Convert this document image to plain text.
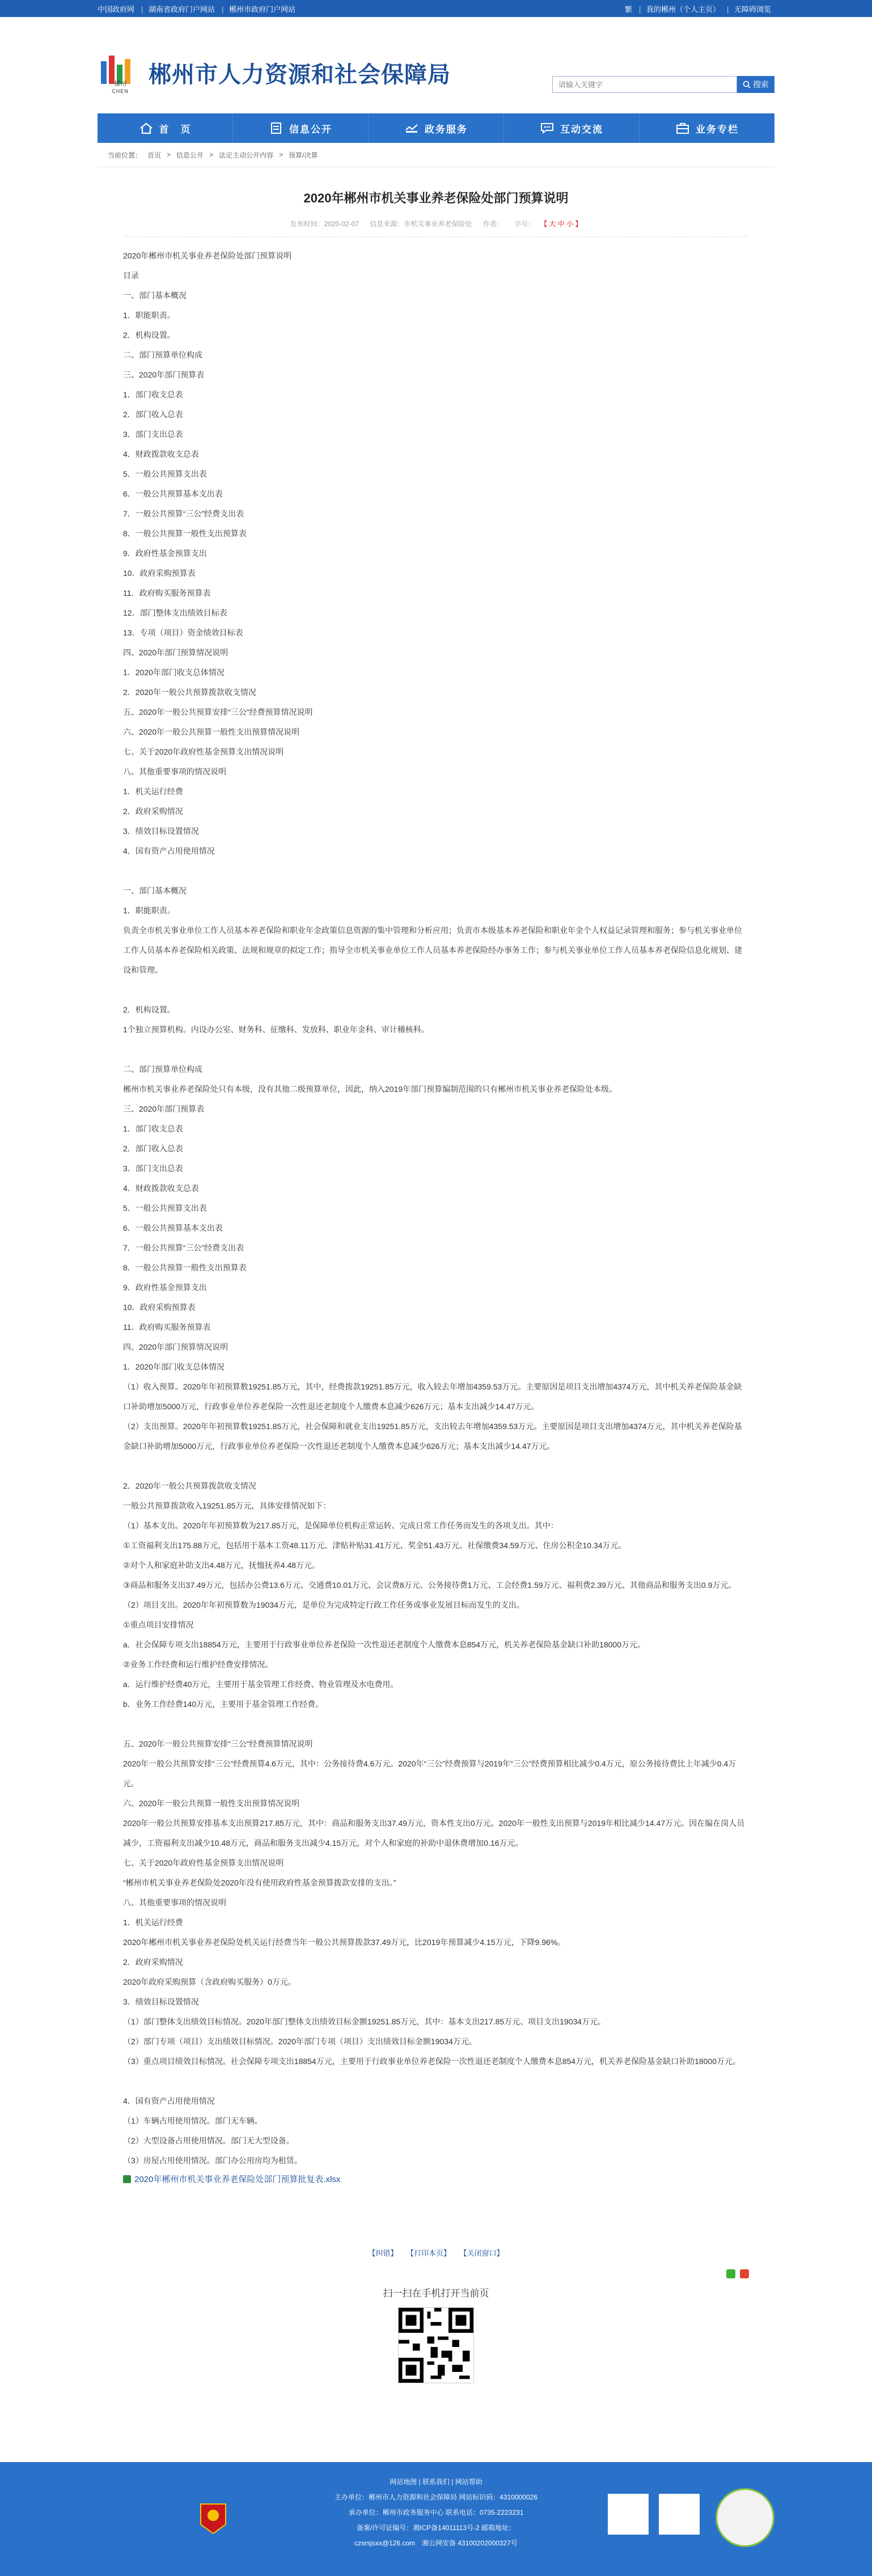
中国政府网 | 湖南省政府门户网站 | 郴州市政府门户网站	繁 | 我的郴州（个人主页） | 无障碍浏览
郴州
CHEN
郴州市人力资源和社会保障局
请输入关键字	搜索
首　页	信息公开	政务服务	互动交流	业务专栏
当前位置： 首页 > 信息公开 > 法定主动公开内容 > 预算/决算
2020年郴州市机关事业养老保险处部门预算说明
发布时间：2020-02-07 信息来源：市机关事业养老保险处 作者： 字号： 【 大 中 小 】

2020年郴州市机关事业养老保险处部门预算说明

目录

一、部门基本概况

1．职能职责。

2．机构设置。

二、部门预算单位构成

三、2020年部门预算表

1．部门收支总表

2．部门收入总表

3．部门支出总表

4．财政拨款收支总表

5．一般公共预算支出表

6．一般公共预算基本支出表

7．一般公共预算“三公”经费支出表

8．一般公共预算一般性支出预算表

9．政府性基金预算支出

10．政府采购预算表

11．政府购买服务预算表

12．部门整体支出绩效目标表

13．专项（项目）资金绩效目标表

四、2020年部门预算情况说明

1．2020年部门收支总体情况

2．2020年一般公共预算拨款收支情况

五、2020年一般公共预算安排“三公”经费预算情况说明

六、2020年一般公共预算一般性支出预算情况说明

七、关于2020年政府性基金预算支出情况说明

八、其他重要事项的情况说明

1．机关运行经费

2．政府采购情况

3．绩效目标设置情况

4．国有资产占用使用情况

一、部门基本概况

1．职能职责。

负责全市机关事业单位工作人员基本养老保险和职业年金政策信息资源的集中管理和分析应用；负责市本级基本养老保险和职业年金个人权益记录管理和服务；参与机关事业单位工作人员基本养老保险相关政策、法规和规章的拟定工作；指导全市机关事业单位工作人员基本养老保险经办事务工作；参与机关事业单位工作人员基本养老保险信息化规划、建设和管理。

2．机构设置。

1个独立预算机构。内设办公室、财务科、征缴科、发放科、职业年金科、审计稽核科。

二、部门预算单位构成

郴州市机关事业养老保险处只有本级，没有其他二级预算单位，因此，纳入2019年部门预算编制范围的只有郴州市机关事业养老保险处本级。

三、2020年部门预算表

1．部门收支总表

2．部门收入总表

3．部门支出总表

4．财政拨款收支总表

5．一般公共预算支出表

6．一般公共预算基本支出表

7．一般公共预算“三公”经费支出表

8．一般公共预算一般性支出预算表

9．政府性基金预算支出

10．政府采购预算表

11．政府购买服务预算表

四、2020年部门预算情况说明

1．2020年部门收支总体情况

（1）收入预算。2020年年初预算数19251.85万元，其中，经费拨款19251.85万元，收入较去年增加4359.53万元。主要原因是项目支出增加4374万元，其中机关养老保险基金缺口补助增加5000万元，行政事业单位养老保险一次性退还老制度个人缴费本息减少626万元；基本支出减少14.47万元。

（2）支出预算。2020年年初预算数19251.85万元，社会保障和就业支出19251.85万元，支出较去年增加4359.53万元。主要原因是项目支出增加4374万元，其中机关养老保险基金缺口补助增加5000万元，行政事业单位养老保险一次性退还老制度个人缴费本息减少626万元；基本支出减少14.47万元。

2．2020年一般公共预算拨款收支情况

一般公共预算拨款收入19251.85万元，具体安排情况如下：

（1）基本支出。2020年年初预算数为217.85万元，是保障单位机构正常运转、完成日常工作任务而发生的各项支出。其中：

①工资福利支出175.88万元，包括用于基本工资48.11万元、津贴补贴31.41万元、奖金51.43万元、社保缴费34.59万元、住房公积金10.34万元。

②对个人和家庭补助支出4.48万元，抚恤抚养4.48万元。

③商品和服务支出37.49万元，包括办公费13.6万元、交通费10.01万元、会议费8万元、公务接待费1万元、工会经费1.59万元、福利费2.39万元、其他商品和服务支出0.9万元。

（2）项目支出。2020年年初预算数为19034万元，是单位为完成特定行政工作任务或事业发展目标而发生的支出。

①重点项目安排情况

a．社会保障专项支出18854万元，主要用于行政事业单位养老保险一次性退还老制度个人缴费本息854万元，机关养老保险基金缺口补助18000万元。

②业务工作经费和运行维护经费安排情况。

a．运行维护经费40万元，主要用于基金管理工作经费、物业管理及水电费用。

b．业务工作经费140万元，主要用于基金管理工作经费。

五、2020年一般公共预算安排“三公”经费预算情况说明

2020年一般公共预算安排“三公”经费预算4.6万元，其中：公务接待费4.6万元。2020年“三公”经费预算与2019年“三公”经费预算相比减少0.4万元，原公务接待费比上年减少0.4万元。

六、2020年一般公共预算一般性支出预算情况说明

2020年一般公共预算安排基本支出预算217.85万元，其中：商品和服务支出37.49万元，资本性支出0万元。2020年一般性支出预算与2019年相比减少14.47万元。因在编在岗人员减少，工资福利支出减少10.48万元，商品和服务支出减少4.15万元，对个人和家庭的补助中退休费增加0.16万元。

七、关于2020年政府性基金预算支出情况说明

“郴州市机关事业养老保险处2020年没有使用政府性基金预算拨款安排的支出。”

八、其他重要事项的情况说明

1．机关运行经费

2020年郴州市机关事业养老保险处机关运行经费当年一般公共预算拨款37.49万元，比2019年预算减少4.15万元，下降9.96%。

2．政府采购情况

2020年政府采购预算（含政府购买服务）0万元。

3．绩效目标设置情况

（1）部门整体支出绩效目标情况。2020年部门整体支出绩效目标金额19251.85万元，其中：基本支出217.85万元、项目支出19034万元。

（2）部门专项（项目）支出绩效目标情况。2020年部门专项（项目）支出绩效目标金额19034万元。

（3）重点项目绩效目标情况。社会保障专项支出18854万元，主要用于行政事业单位养老保险一次性退还老制度个人缴费本息854万元，机关养老保险基金缺口补助18000万元。

4．国有资产占用使用情况

（1）车辆占用使用情况。部门无车辆。

（2）大型设备占用使用情况。部门无大型设备。

（3）房屋占用使用情况。部门办公用房均为租赁。

2020年郴州市机关事业养老保险处部门预算批复表.xlsx
【纠错】 【打印本页】 【关闭窗口】
扫一扫在手机打开当前页
网站地图 | 联系我们 | 网站帮助
主办单位：郴州市人力资源和社会保障局 网站标识码：4310000026
承办单位：郴州市政务服务中心 联系电话：0735-2223231
备案/许可证编号：湘ICP备14011113号-2 邮箱地址：
czsrsjsxx@126.com　湘公网安备 43100202000327号
